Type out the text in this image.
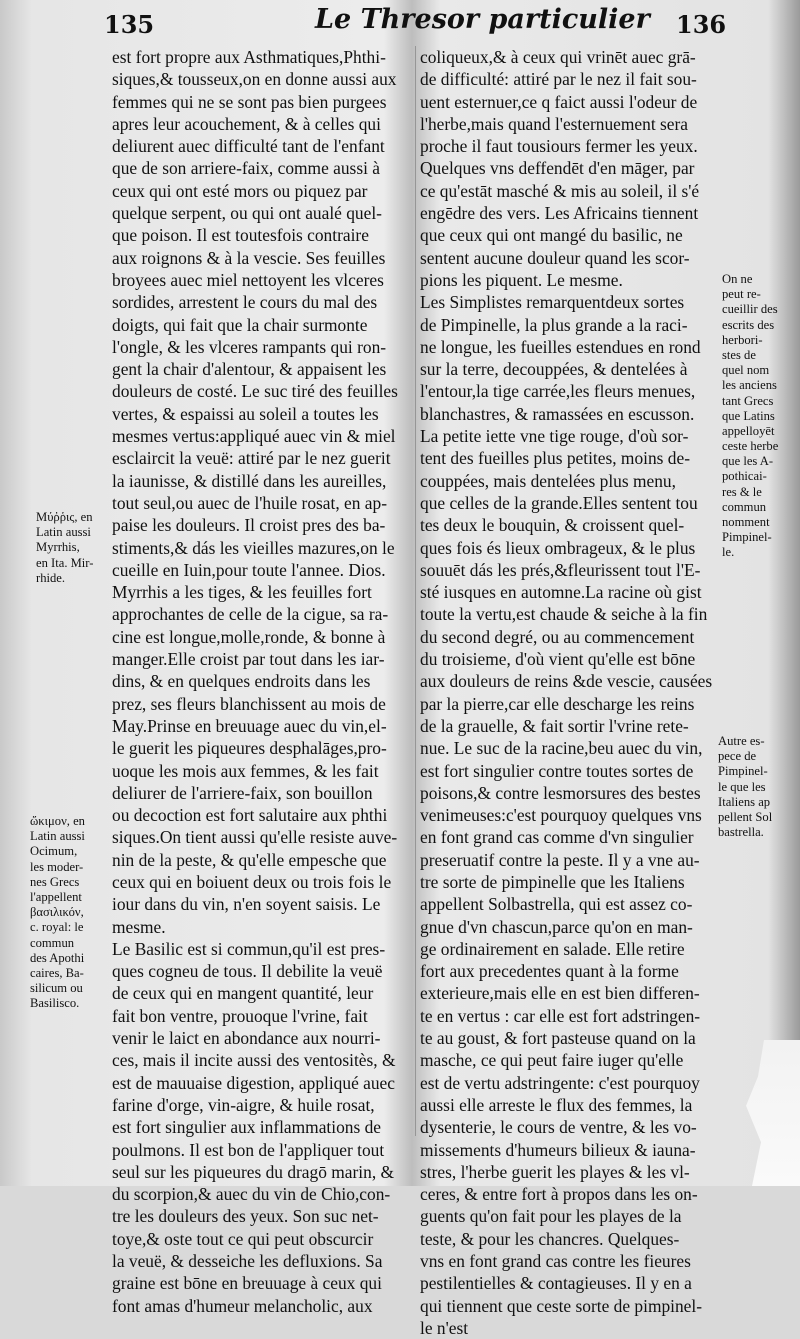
135	Le Thresor particulier 136
est fort propre aux Asthmatiques,Phthi-
siques,& tousseux,on en donne aussi aux
femmes qui ne se sont pas bien purgees
apres leur acouchement, & à celles qui
deliurent auec difficulté tant de l'enfant
que de son arriere-faix, comme aussi à
ceux qui ont esté mors ou piquez par
quelque serpent, ou qui ont aualé quel-
que poison. Il est toutesfois contraire
aux roignons & à la vescie. Ses feuilles
broyees auec miel nettoyent les vlceres
sordides, arrestent le cours du mal des
doigts, qui fait que la chair surmonte
l'ongle, & les vlceres rampants qui ron-
gent la chair d'alentour, & appaisent les
douleurs de costé. Le suc tiré des feuilles
vertes, & espaissi au soleil a toutes les
mesmes vertus:appliqué auec vin & miel
esclaircit la veuë: attiré par le nez guerit
la iaunisse, & distillé dans les aureilles,
tout seul,ou auec de l'huile rosat, en ap-
paise les douleurs. Il croist pres des ba-
stiments,& dás les vieilles mazures,on le
cueille en Iuin,pour toute l'annee. Dios.
Myrrhis a les tiges, & les feuilles fort
approchantes de celle de la cigue, sa ra-
cine est longue,molle,ronde, & bonne à
manger.Elle croist par tout dans les iar-
dins, & en quelques endroits dans les
prez, ses fleurs blanchissent au mois de
May.Prinse en breuuage auec du vin,el-
le guerit les piqueures desphalāges,pro-
uoque les mois aux femmes, & les fait
deliurer de l'arriere-faix, son bouillon
ou decoction est fort salutaire aux phthi
siques.On tient aussi qu'elle resiste auve-
nin de la peste, & qu'elle empesche que
ceux qui en boiuent deux ou trois fois le
iour dans du vin, n'en soyent saisis. Le
mesme.
Le Basilic est si commun,qu'il est pres-
ques cogneu de tous. Il debilite la veuë
de ceux qui en mangent quantité, leur
fait bon ventre, prouoque l'vrine, fait
venir le laict en abondance aux nourri-
ces, mais il incite aussi des ventositès, &
est de mauuaise digestion, appliqué auec
farine d'orge, vin-aigre, & huile rosat,
est fort singulier aux inflammations de
poulmons. Il est bon de l'appliquer tout
seul sur les piqueures du dragō marin, &
du scorpion,& auec du vin de Chio,con-
tre les douleurs des yeux. Son suc net-
toye,& oste tout ce qui peut obscurcir
la veuë, & desseiche les defluxions. Sa
graine est bōne en breuuage à ceux qui
font amas d'humeur melancholic, aux
coliqueux,& à ceux qui vrinēt auec grā-
de difficulté: attiré par le nez il fait sou-
uent esternuer,ce q faict aussi l'odeur de
l'herbe,mais quand l'esternuement sera
proche il faut tousiours fermer les yeux.
Quelques vns deffendēt d'en māger, par
ce qu'estāt masché & mis au soleil, il s'é
engēdre des vers. Les Africains tiennent
que ceux qui ont mangé du basilic, ne
sentent aucune douleur quand les scor-
pions les piquent. Le mesme.
Les Simplistes remarquentdeux sortes
de Pimpinelle, la plus grande a la raci-
ne longue, les fueilles estendues en rond
sur la terre, decouppées, & dentelées à
l'entour,la tige carrée,les fleurs menues,
blanchastres, & ramassées en escusson.
La petite iette vne tige rouge, d'où sor-
tent des fueilles plus petites, moins de-
couppées, mais dentelées plus menu,
que celles de la grande.Elles sentent tou
tes deux le bouquin, & croissent quel-
ques fois és lieux ombrageux, & le plus
souuēt dás les prés,&fleurissent tout l'E-
sté iusques en automne.La racine où gist
toute la vertu,est chaude & seiche à la fin
du second degré, ou au commencement
du troisieme, d'où vient qu'elle est bōne
aux douleurs de reins &de vescie, causées
par la pierre,car elle descharge les reins
de la grauelle, & fait sortir l'vrine rete-
nue. Le suc de la racine,beu auec du vin,
est fort singulier contre toutes sortes de
poisons,& contre lesmorsures des bestes
venimeuses:c'est pourquoy quelques vns
en font grand cas comme d'vn singulier
preseruatif contre la peste. Il y a vne au-
tre sorte de pimpinelle que les Italiens
appellent Solbastrella, qui est assez co-
gnue d'vn chascun,parce qu'on en man-
ge ordinairement en salade. Elle retire
fort aux precedentes quant à la forme
exterieure,mais elle en est bien differen-
te en vertus : car elle est fort adstringen-
te au goust, & fort pasteuse quand on la
masche, ce qui peut faire iuger qu'elle
est de vertu adstringente: c'est pourquoy
aussi elle arreste le flux des femmes, la
dysenterie, le cours de ventre, & les vo-
missements d'humeurs bilieux & iauna-
stres, l'herbe guerit les playes & les vl-
ceres, & entre fort à propos dans les on-
guents qu'on fait pour les playes de la
teste, & pour les chancres. Quelques-
vns en font grand cas contre les fieures
pestilentielles & contagieuses. Il y en a
qui tiennent que ceste sorte de pimpinel-
le n'est
Μύῤῥις, en
Latin aussi
Myrrhis,
en Ita. Mir-
rhide.
ὤκιμον, en
Latin aussi
Ocimum,
les moder-
nes Grecs
l'appellent
βασιλικόν,
c. royal: le
commun
des Apothi
caires, Ba-
silicum ou
Basilisco.
On ne
peut re-
cueillir des
escrits des
herbori-
stes de
quel nom
les anciens
tant Grecs
que Latins
appelloyēt
ceste herbe
que les A-
pothicai-
res & le
commun
nomment
Pimpinel-
le.
Autre es-
pece de
Pimpinel-
le que les
Italiens ap
pellent Sol
bastrella.
